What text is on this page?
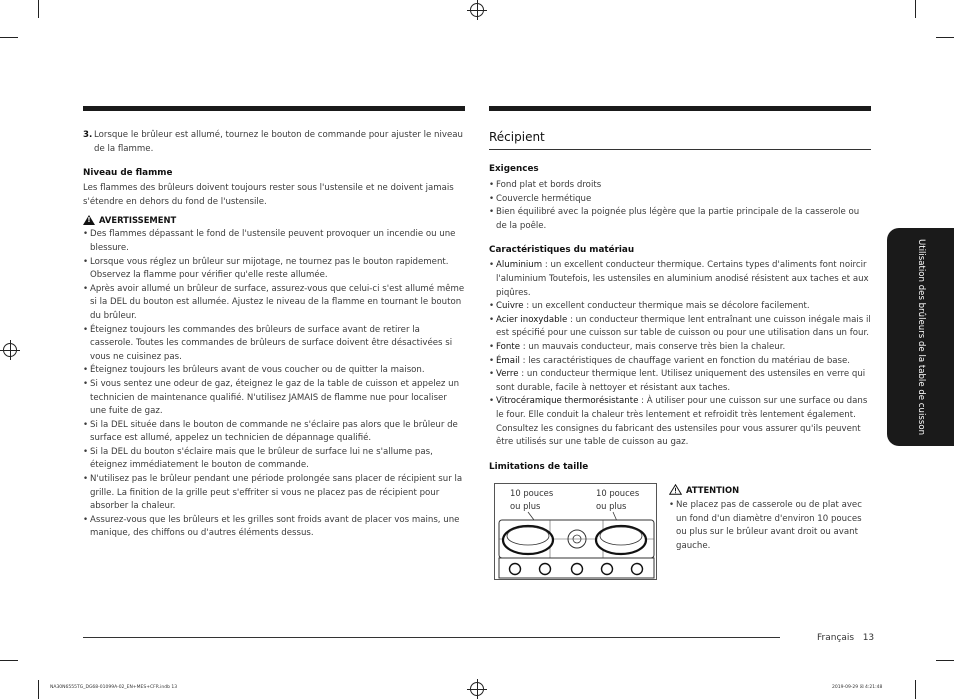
3. Lorsque le brûleur est allumé, tournez le bouton de commande pour ajuster le niveau de la flamme.
Niveau de flamme
Les flammes des brûleurs doivent toujours rester sous l'ustensile et ne doivent jamais s'étendre en dehors du fond de l'ustensile.
! AVERTISSEMENT
• Des flammes dépassant le fond de l'ustensile peuvent provoquer un incendie ou une blessure.
• Lorsque vous réglez un brûleur sur mijotage, ne tournez pas le bouton rapidement. Observez la flamme pour vérifier qu'elle reste allumée.
• Après avoir allumé un brûleur de surface, assurez-vous que celui-ci s'est allumé même si la DEL du bouton est allumée. Ajustez le niveau de la flamme en tournant le bouton du brûleur.
• Éteignez toujours les commandes des brûleurs de surface avant de retirer la casserole. Toutes les commandes de brûleurs de surface doivent être désactivées si vous ne cuisinez pas.
• Éteignez toujours les brûleurs avant de vous coucher ou de quitter la maison.
• Si vous sentez une odeur de gaz, éteignez le gaz de la table de cuisson et appelez un technicien de maintenance qualifié. N'utilisez JAMAIS de flamme nue pour localiser une fuite de gaz.
• Si la DEL située dans le bouton de commande ne s'éclaire pas alors que le brûleur de surface est allumé, appelez un technicien de dépannage qualifié.
• Si la DEL du bouton s'éclaire mais que le brûleur de surface lui ne s'allume pas, éteignez immédiatement le bouton de commande.
• N'utilisez pas le brûleur pendant une période prolongée sans placer de récipient sur la grille. La finition de la grille peut s'effriter si vous ne placez pas de récipient pour absorber la chaleur.
• Assurez-vous que les brûleurs et les grilles sont froids avant de placer vos mains, une manique, des chiffons ou d'autres éléments dessus.
Récipient
Exigences
• Fond plat et bords droits
• Couvercle hermétique
• Bien équilibré avec la poignée plus légère que la partie principale de la casserole ou de la poêle.
Caractéristiques du matériau
• Aluminium : un excellent conducteur thermique. Certains types d'aliments font noircir l'aluminium Toutefois, les ustensiles en aluminium anodisé résistent aux taches et aux piqûres.
• Cuivre : un excellent conducteur thermique mais se décolore facilement.
• Acier inoxydable : un conducteur thermique lent entraînant une cuisson inégale mais il est spécifié pour une cuisson sur table de cuisson ou pour une utilisation dans un four.
• Fonte : un mauvais conducteur, mais conserve très bien la chaleur.
• Émail : les caractéristiques de chauffage varient en fonction du matériau de base.
• Verre : un conducteur thermique lent. Utilisez uniquement des ustensiles en verre qui sont durable, facile à nettoyer et résistant aux taches.
• Vitrocéramique thermorésistante : À utiliser pour une cuisson sur une surface ou dans le four. Elle conduit la chaleur très lentement et refroidit très lentement également. Consultez les consignes du fabricant des ustensiles pour vous assurer qu'ils peuvent être utilisés sur une table de cuisson au gaz.
Limitations de taille
10 pouces
ou plus
10 pouces
ou plus
ATTENTION
• Ne placez pas de casserole ou de plat avec un fond d'un diamètre d'environ 10 pouces ou plus sur le brûleur avant droit ou avant gauche.
Utilisation des brûleurs de la table de cuisson
Français 13
NA30N6555TG_DG68-01099A-02_EN+MES+CFR.indb 13	2019-09-29 ☒ 4:21:48
